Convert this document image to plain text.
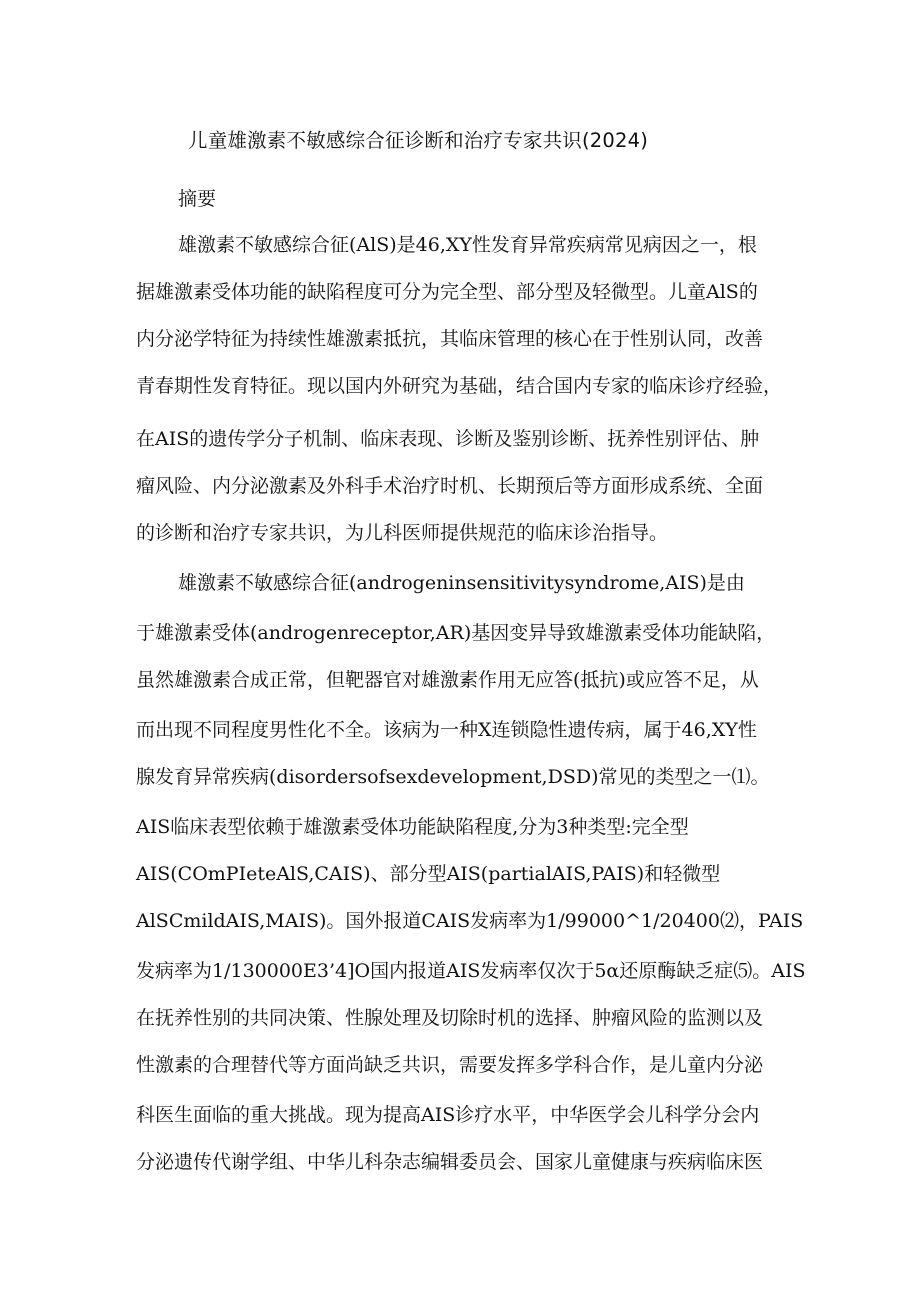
儿童雄激素不敏感综合征诊断和治疗专家共识(2024)
摘要
雄激素不敏感综合征(AlS)是46,XY性发育异常疾病常见病因之一，根
据雄激素受体功能的缺陷程度可分为完全型、部分型及轻微型。儿童AlS的
内分泌学特征为持续性雄激素抵抗，其临床管理的核心在于性别认同，改善
青春期性发育特征。现以国内外研究为基础，结合国内专家的临床诊疗经验，
在AIS的遗传学分子机制、临床表现、诊断及鉴别诊断、抚养性别评估、肿
瘤风险、内分泌激素及外科手术治疗时机、长期预后等方面形成系统、全面
的诊断和治疗专家共识，为儿科医师提供规范的临床诊治指导。
雄激素不敏感综合征(androgeninsensitivitysyndrome,AIS)是由
于雄激素受体(androgenreceptor,AR)基因变异导致雄激素受体功能缺陷，
虽然雄激素合成正常，但靶器官对雄激素作用无应答(抵抗)或应答不足，从
而出现不同程度男性化不全。该病为一种X连锁隐性遗传病，属于46,XY性
腺发育异常疾病(disordersofsexdevelopment,DSD)常见的类型之一⑴。
AIS临床表型依赖于雄激素受体功能缺陷程度,分为3种类型:完全型
AIS(COmPIeteAlS,CAIS)、部分型AIS(partialAIS,PAIS)和轻微型
AlSCmildAIS,MAIS)。国外报道CAIS发病率为1/99000^1/20400⑵，PAIS
发病率为1/130000E3’4]O国内报道AIS发病率仅次于5α还原酶缺乏症⑸。AIS
在抚养性别的共同决策、性腺处理及切除时机的选择、肿瘤风险的监测以及
性激素的合理替代等方面尚缺乏共识，需要发挥多学科合作，是儿童内分泌
科医生面临的重大挑战。现为提高AIS诊疗水平，中华医学会儿科学分会内
分泌遗传代谢学组、中华儿科杂志编辑委员会、国家儿童健康与疾病临床医
